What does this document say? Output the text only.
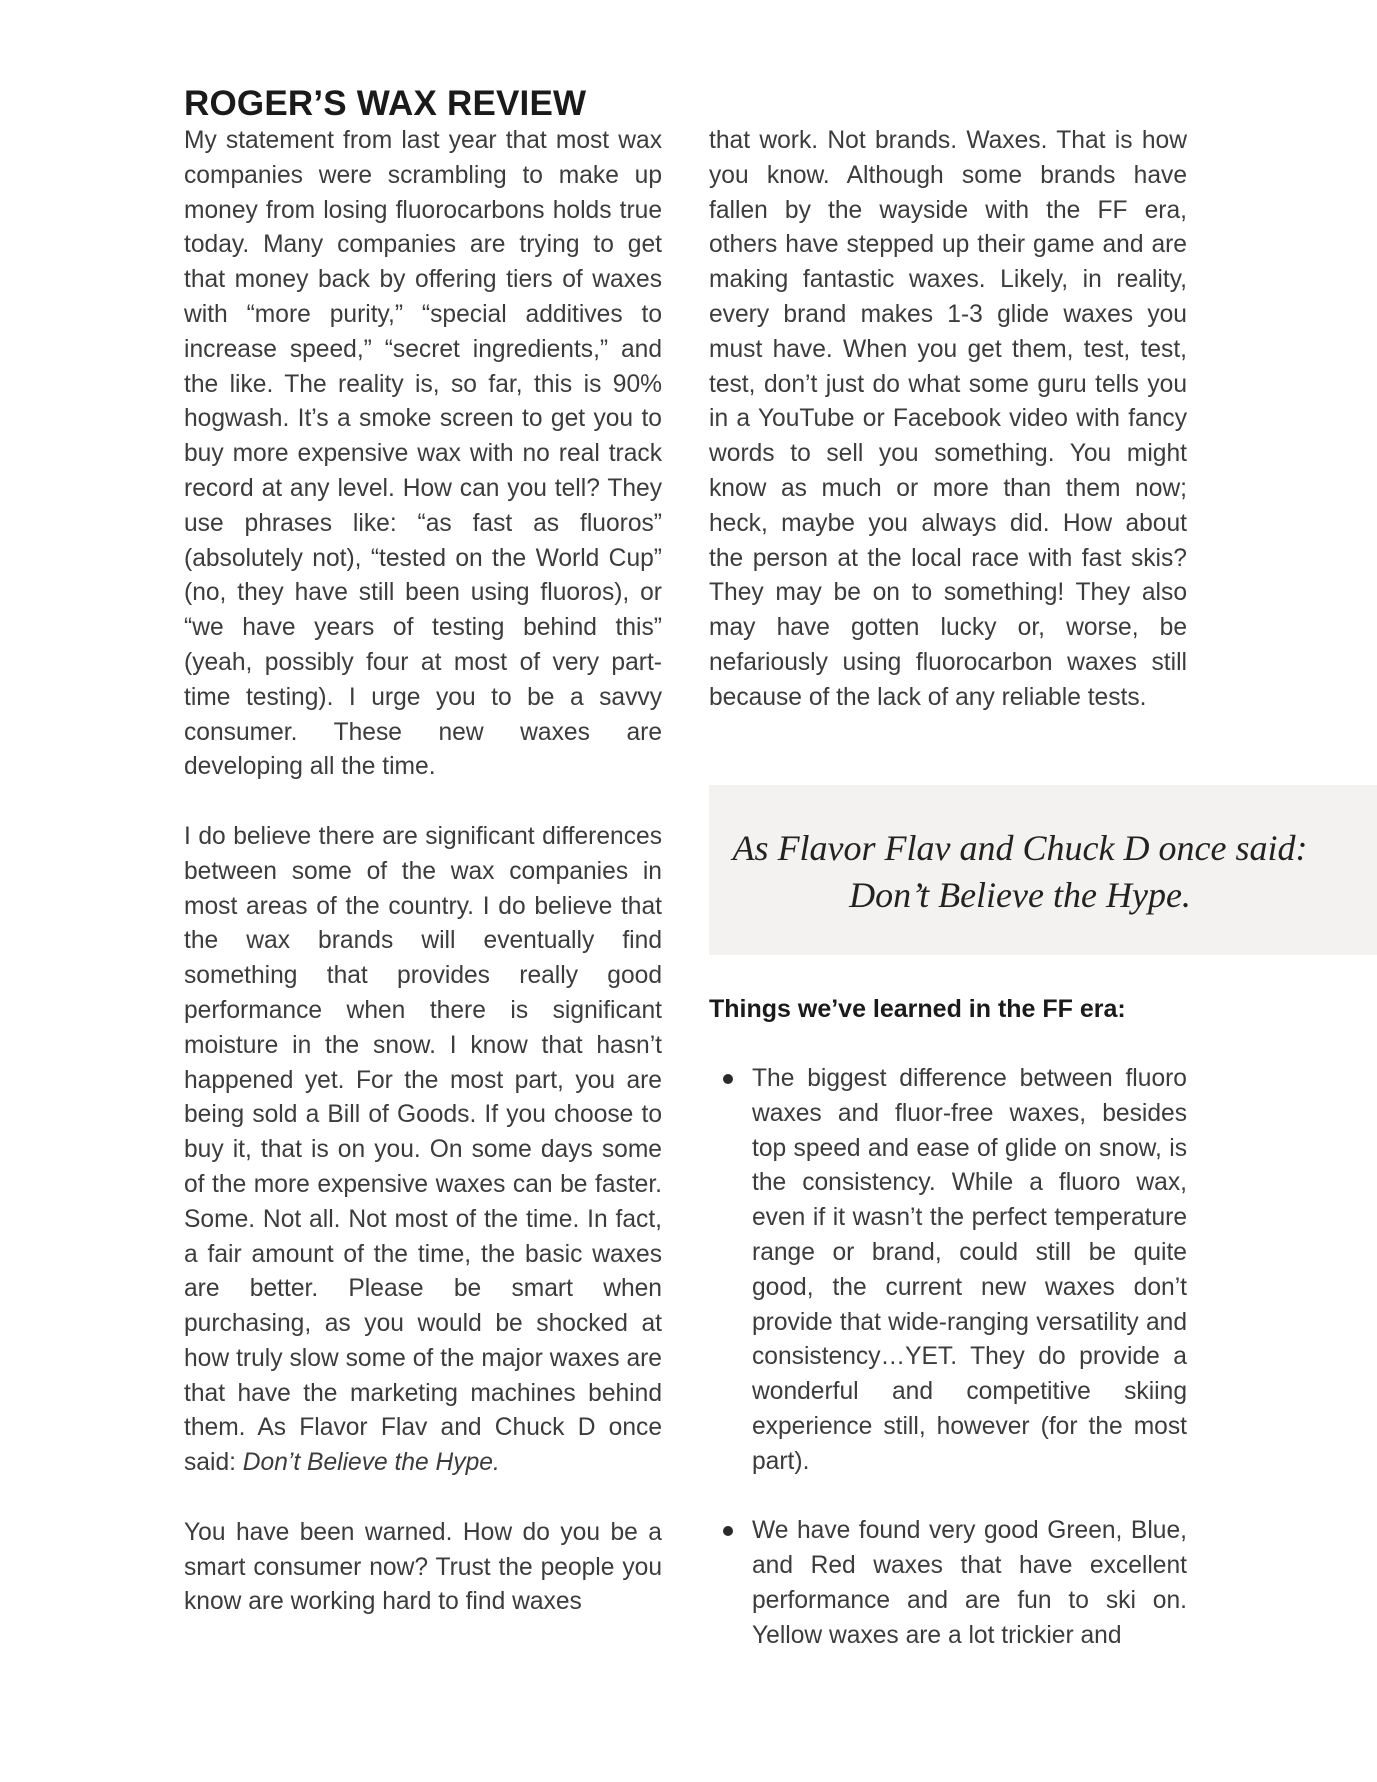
ROGER’S WAX REVIEW

My statement from last year that most wax companies were scrambling to make up money from losing fluorocarbons holds true today. Many companies are trying to get that money back by offering tiers of waxes with “more purity,” “special additives to increase speed,” “secret ingredients,” and the like. The reality is, so far, this is 90% hogwash. It’s a smoke screen to get you to buy more expensive wax with no real track record at any level. How can you tell? They use phrases like: “as fast as fluoros” (absolutely not), “tested on the World Cup” (no, they have still been using fluoros), or “we have years of testing behind this” (yeah, possibly four at most of very part-time testing). I urge you to be a savvy consumer. These new waxes are developing all the time.

I do believe there are significant differences between some of the wax companies in most areas of the country. I do believe that the wax brands will eventually find something that provides really good performance when there is significant moisture in the snow. I know that hasn’t happened yet. For the most part, you are being sold a Bill of Goods. If you choose to buy it, that is on you. On some days some of the more expensive waxes can be faster. Some. Not all. Not most of the time. In fact, a fair amount of the time, the basic waxes are better. Please be smart when purchasing, as you would be shocked at how truly slow some of the major waxes are that have the marketing machines behind them. As Flavor Flav and Chuck D once said: Don’t Believe the Hype.

You have been warned. How do you be a smart consumer now? Trust the people you know are working hard to find waxes

that work. Not brands. Waxes. That is how you know. Although some brands have fallen by the wayside with the FF era, others have stepped up their game and are making fantastic waxes. Likely, in reality, every brand makes 1-3 glide waxes you must have. When you get them, test, test, test, don’t just do what some guru tells you in a YouTube or Facebook video with fancy words to sell you something. You might know as much or more than them now; heck, maybe you always did. How about the person at the local race with fast skis? They may be on to something! They also may have gotten lucky or, worse, be nefariously using fluorocarbon waxes still because of the lack of any reliable tests.

As Flavor Flav and Chuck D once said: Don’t Believe the Hype.
Things we’ve learned in the FF era:
The biggest difference between fluoro waxes and fluor-free waxes, besides top speed and ease of glide on snow, is the consistency. While a fluoro wax, even if it wasn’t the perfect temperature range or brand, could still be quite good, the current new waxes don’t provide that wide-ranging versatility and consistency…YET. They do provide a wonderful and competitive skiing experience still, however (for the most part).
We have found very good Green, Blue, and Red waxes that have excellent performance and are fun to ski on. Yellow waxes are a lot trickier and
